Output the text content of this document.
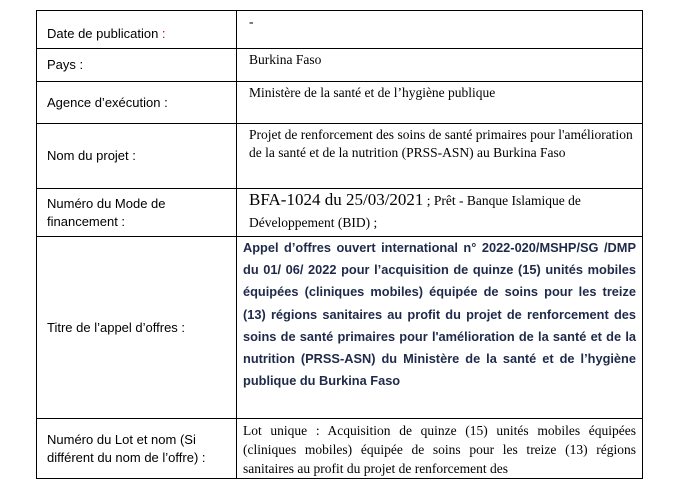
Date de publication :	-
Pays :	Burkina Faso
Agence d’exécution :	Ministère de la santé et de l’hygiène publique
Nom du projet :	Projet de renforcement des soins de santé primaires pour l'amélioration de la santé et de la nutrition (PRSS-ASN) au Burkina Faso
Numéro du Mode de financement :	BFA-1024 du 25/03/2021 ; Prêt - Banque Islamique de Développement (BID) ;
Titre de l’appel d’offres :	Appel d’offres ouvert international n° 2022-020/MSHP/SG /DMP du 01/ 06/ 2022 pour l’acquisition de quinze (15) unités mobiles équipées (cliniques mobiles) équipée de soins pour les treize (13) régions sanitaires au profit du projet de renforcement des soins de santé primaires pour l'amélioration de la santé et de la nutrition (PRSS-ASN) du Ministère de la santé et de l’hygiène publique du Burkina Faso
Numéro du Lot et nom (Si différent du nom de l’offre) :	Lot unique : Acquisition de quinze (15) unités mobiles équipées (cliniques mobiles) équipée de soins pour les treize (13) régions sanitaires au profit du projet de renforcement des
